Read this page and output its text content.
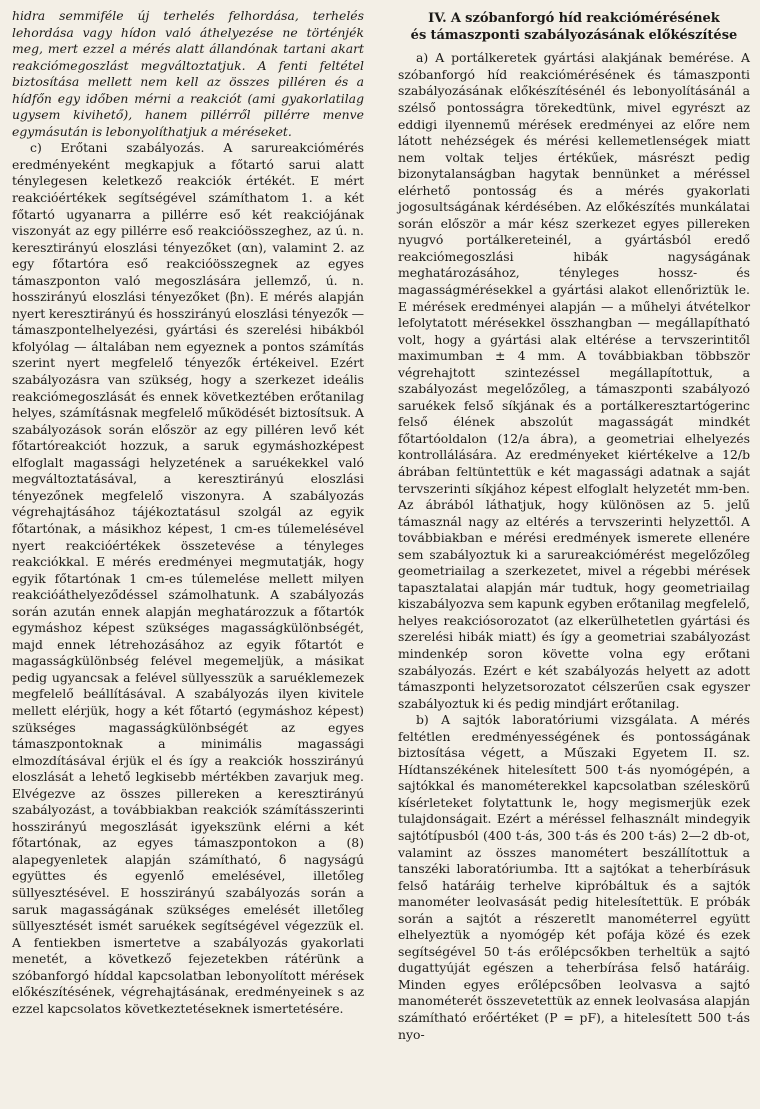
hidra semmiféle új terhelés felhordása, terhelés lehordása vagy hídon való áthelyezése ne történjék meg, mert ezzel a mérés alatt állandónak tartani akart reakciómegoszlást megváltoztatjuk. A fenti feltétel biztosítása mellett nem kell az összes pilléren és a hídfőn egy időben mérni a reakciót (ami gyakorlatilag ugysem kivihető), hanem pillérről pillérre menve egymásután is lebonyolíthatjuk a méréseket.

c) Erőtani szabályozás. A sarureakciómérés eredményeként megkapjuk a főtartó sarui alatt ténylegesen keletkező reakciók értékét. E mért reakcióértékek segítségével számíthatom 1. a két főtartó ugyanarra a pillérre eső két reakciójának viszonyát az egy pillérre eső reakcióösszeghez, az ú. n. keresztirányú eloszlási tényezőket (αn), valamint 2. az egy főtartóra eső reakcióösszegnek az egyes támaszponton való megoszlására jellemző, ú. n. hosszirányú eloszlási tényezőket (βn). E mérés alapján nyert keresztirányú és hosszirányú eloszlási tényezők — támaszpontelhelyezési, gyártási és szerelési hibákból kfolyólag — általában nem egyeznek a pontos számítás szerint nyert megfelelő tényezők értékeivel. Ezért szabályozásra van szükség, hogy a szerkezet ideális reakciómegoszlását és ennek következtében erőtanilag helyes, számításnak megfelelő működését biztosítsuk. A szabályozások során először az egy pilléren levő két főtartóreakciót hozzuk, a saruk egymáshozképest elfoglalt magassági helyzetének a saruékekkel való megváltoztatásával, a keresztirányú eloszlási tényezőnek megfelelő viszonyra. A szabályozás végrehajtásához tájékoztatásul szolgál az egyik főtartónak, a másikhoz képest, 1 cm-es túlemelésével nyert reakcióértékek összetevése a tényleges reakciókkal. E mérés eredményei megmutatják, hogy egyik főtartónak 1 cm-es túlemelése mellett milyen reakcióáthelyeződéssel számolhatunk. A szabályozás során azután ennek alapján meghatározzuk a főtartók egymáshoz képest szükséges magasságkülönbségét, majd ennek létrehozásához az egyik főtartót e magasságkülönbség felével megemeljük, a másikat pedig ugyancsak a felével süllyesszük a saruéklemezek megfelelő beállításával. A szabályozás ilyen kivitele mellett elérjük, hogy a két főtartó (egymáshoz képest) szükséges magasságkülönbségét az egyes támaszpontoknak a minimális magassági elmozdításával érjük el és így a reakciók hosszirányú eloszlását a lehető legkisebb mértékben zavarjuk meg. Elvégezve az összes pillereken a keresztirányú szabályozást, a továbbiakban reakciók számításszerinti hosszirányú megoszlását igyekszünk elérni a két főtartónak, az egyes támaszpontokon a (8) alapegyenletek alapján számítható, δ nagyságú együttes és egyenlő emelésével, illetőleg süllyesztésével. E hosszirányú szabályozás során a saruk magasságának szükséges emelését illetőleg süllyesztését ismét saruékek segítségével végezzük el. A fentiekben ismertetve a szabályozás gyakorlati menetét, a következő fejezetekben rátérünk a szóbanforgó híddal kapcsolatban lebonyolított mérések előkészítésének, végrehajtásának, eredményeinek s az ezzel kapcsolatos következtetéseknek ismertetésére.

IV. A szóbanforgó híd reakciómérésének
és támaszponti szabályozásának előkészítése

a) A portálkeretek gyártási alakjának bemérése. A szóbanforgó híd reakciómérésének és támaszponti szabályozásának előkészítésénél és lebonyolításánál a szélső pontosságra törekedtünk, mivel egyrészt az eddigi ilyennemű mérések eredményei az előre nem látott nehézségek és mérési kellemetlenségek miatt nem voltak teljes értékűek, másrészt pedig bizonytalanságban hagytak bennünket a méréssel elérhető pontosság és a mérés gyakorlati jogosultságának kérdésében. Az előkészítés munkálatai során először a már kész szerkezet egyes pillereken nyugvó portálkereteinél, a gyártásból eredő reakciómegoszlási hibák nagyságának meghatározásához, tényleges hossz- és magasságmérésekkel a gyártási alakot ellenőriztük le. E mérések eredményei alapján — a műhelyi átvételkor lefolytatott mérésekkel összhangban — megállapítható volt, hogy a gyártási alak eltérése a tervszerintitől maximumban ± 4 mm. A továbbiakban többször végrehajtott szintezéssel megállapítottuk, a szabályozást megelőzőleg, a támaszponti szabályozó saruékek felső síkjának és a portálkeresztartógerinc felső élének abszolút magasságát mindkét főtartóoldalon (12/a ábra), a geometriai elhelyezés kontrollálására. Az eredményeket kiértékelve a 12/b ábrában feltüntettük e két magassági adatnak a saját tervszerinti síkjához képest elfoglalt helyzetét mm-ben. Az ábrából láthatjuk, hogy különösen az 5. jelű támasznál nagy az eltérés a tervszerinti helyzettől. A továbbiakban e mérési eredmények ismerete ellenére sem szabályoztuk ki a sarureakciómérést megelőzőleg geometriailag a szerkezetet, mivel a régebbi mérések tapasztalatai alapján már tudtuk, hogy geometriailag kiszabályozva sem kapunk egyben erőtanilag megfelelő, helyes reakciósorozatot (az elkerülhetetlen gyártási és szerelési hibák miatt) és így a geometriai szabályozást mindenkép soron követte volna egy erőtani szabályozás. Ezért e két szabályozás helyett az adott támaszponti helyzetsorozatot célszerűen csak egyszer szabályoztuk ki és pedig mindjárt erőtanilag.

b) A sajtók laboratóriumi vizsgálata. A mérés feltétlen eredményességének és pontosságának biztosítása végett, a Műszaki Egyetem II. sz. Hídtanszékének hitelesített 500 t-ás nyomógépén, a sajtókkal és manométerekkel kapcsolatban széleskörű kísérleteket folytattunk le, hogy megismerjük ezek tulajdonságait. Ezért a méréssel felhasznált mindegyik sajtótípusból (400 t-ás, 300 t-ás és 200 t-ás) 2—2 db-ot, valamint az összes manométert beszállítottuk a tanszéki laboratóriumba. Itt a sajtókat a teherbírásuk felső határáig terhelve kipróbáltuk és a sajtók manométer leolvasását pedig hitelesítettük. E próbák során a sajtót a részeretlt manométerrel együtt elhelyeztük a nyomógép két pofája közé és ezek segítségével 50 t-ás erőlépcsőkben terheltük a sajtó dugattyúját egészen a teherbírása felső határáig. Minden egyes erőlépcsőben leolvasva a sajtó manométerét összevetettük az ennek leolvasása alapján számítható erőértéket (P = pF), a hitelesített 500 t-ás nyo-
